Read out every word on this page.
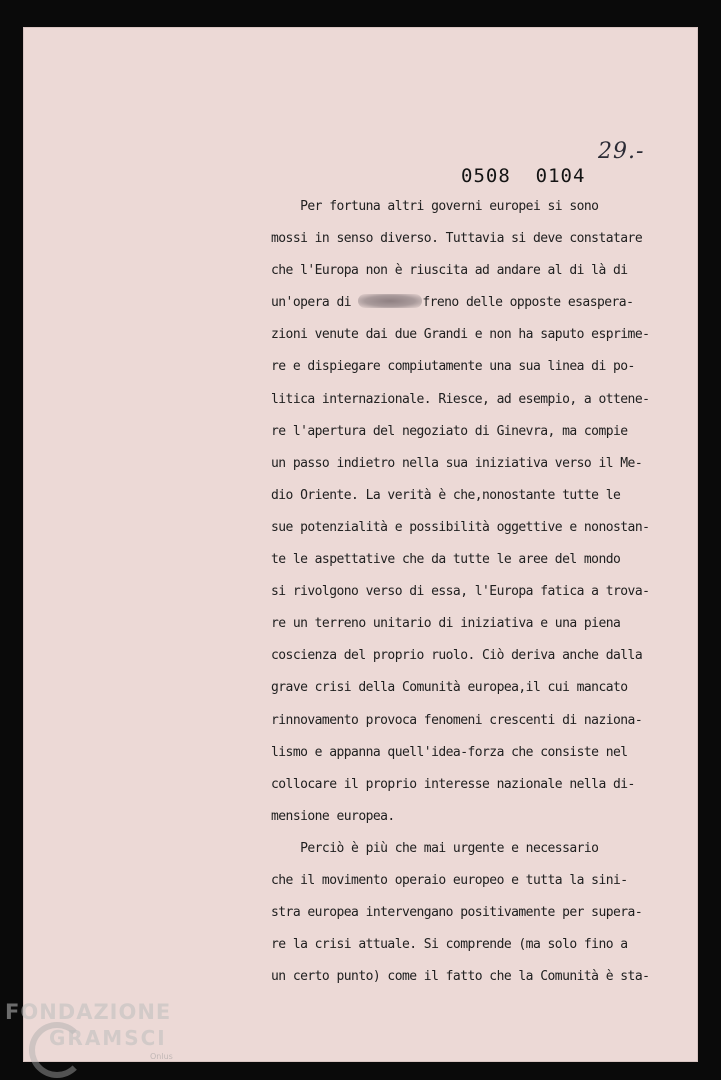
29.-
0508  0104
Per fortuna altri governi europei si sono
mossi in senso diverso. Tuttavia si deve constatare
che l'Europa non è riuscita ad andare al di là di
un'opera di	freno delle opposte esaspera-
zioni venute dai due Grandi e non ha saputo esprime-
re e dispiegare compiutamente una sua linea di po-
litica internazionale. Riesce, ad esempio, a ottene-
re l'apertura del negoziato di Ginevra, ma compie
un passo indietro nella sua iniziativa verso il Me-
dio Oriente. La verità è che,nonostante tutte le
sue potenzialità e possibilità oggettive e nonostan-
te le aspettative che da tutte le aree del mondo
si rivolgono verso di essa, l'Europa fatica a trova-
re un terreno unitario di iniziativa e una piena
coscienza del proprio ruolo. Ciò deriva anche dalla
grave crisi della Comunità europea,il cui mancato
rinnovamento provoca fenomeni crescenti di naziona-
lismo e appanna quell'idea-forza che consiste nel
collocare il proprio interesse nazionale nella di-
mensione europea.
Perciò è più che mai urgente e necessario
che il movimento operaio europeo e tutta la sini-
stra europea intervengano positivamente per supera-
re la crisi attuale. Si comprende (ma solo fino a
un certo punto) come il fatto che la Comunità è sta-
FONDAZIONE
GRAMSCI
Onlus
